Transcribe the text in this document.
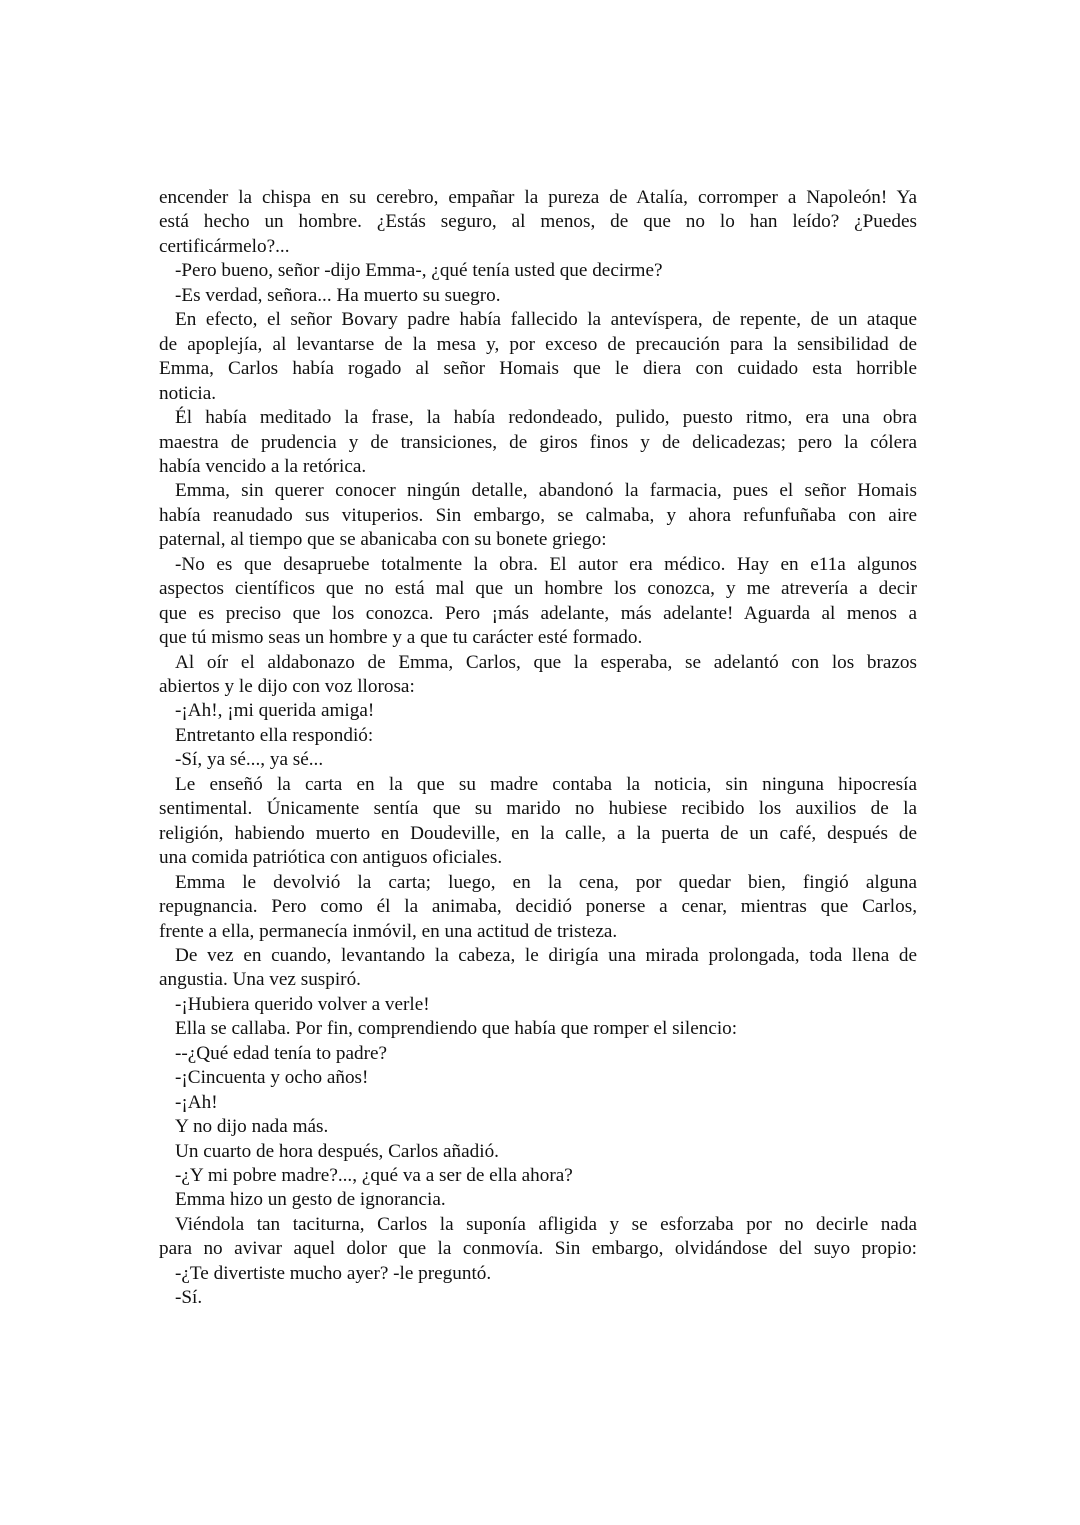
encender la chispa en su cerebro, empañar la pureza de Atalía, corromper a Napoleón! Ya
está hecho un hombre. ¿Estás seguro, al menos, de que no lo han leído? ¿Puedes
certificármelo?...
-Pero bueno, señor -dijo Emma-, ¿qué tenía usted que decirme?
-Es verdad, señora... Ha muerto su suegro.
En efecto, el señor Bovary padre había fallecido la antevíspera, de repente, de un ataque
de apoplejía, al levantarse de la mesa y, por exceso de precaución para la sensibilidad de
Emma, Carlos había rogado al señor Homais que le diera con cuidado esta horrible
noticia.
Él había meditado la frase, la había redondeado, pulido, puesto ritmo, era una obra
maestra de prudencia y de transiciones, de giros finos y de delicadezas; pero la cólera
había vencido a la retórica.
Emma, sin querer conocer ningún detalle, abandonó la farmacia, pues el señor Homais
había reanudado sus vituperios. Sin embargo, se calmaba, y ahora refunfuñaba con aire
paternal, al tiempo que se abanicaba con su bonete griego:
-No es que desapruebe totalmente la obra. El autor era médico. Hay en e11a algunos
aspectos científicos que no está mal que un hombre los conozca, y me atrevería a decir
que es preciso que los conozca. Pero ¡más adelante, más adelante! Aguarda al menos a
que tú mismo seas un hombre y a que tu carácter esté formado.
Al oír el aldabonazo de Emma, Carlos, que la esperaba, se adelantó con los brazos
abiertos y le dijo con voz llorosa:
-¡Ah!, ¡mi querida amiga!
Entretanto ella respondió:
-Sí, ya sé..., ya sé...
Le enseñó la carta en la que su madre contaba la noticia, sin ninguna hipocresía
sentimental. Únicamente sentía que su marido no hubiese recibido los auxilios de la
religión, habiendo muerto en Doudeville, en la calle, a la puerta de un café, después de
una comida patriótica con antiguos oficiales.
Emma le devolvió la carta; luego, en la cena, por quedar bien, fingió alguna
repugnancia. Pero como él la animaba, decidió ponerse a cenar, mientras que Carlos,
frente a ella, permanecía inmóvil, en una actitud de tristeza.
De vez en cuando, levantando la cabeza, le dirigía una mirada prolongada, toda llena de
angustia. Una vez suspiró.
-¡Hubiera querido volver a verle!
Ella se callaba. Por fin, comprendiendo que había que romper el silencio:
--¿Qué edad tenía to padre?
-¡Cincuenta y ocho años!
-¡Ah!
Y no dijo nada más.
Un cuarto de hora después, Carlos añadió.
-¿Y mi pobre madre?..., ¿qué va a ser de ella ahora?
Emma hizo un gesto de ignorancia.
Viéndola tan taciturna, Carlos la suponía afligida y se esforzaba por no decirle nada
para no avivar aquel dolor que la conmovía. Sin embargo, olvidándose del suyo propio:
-¿Te divertiste mucho ayer? -le preguntó.
-Sí.
